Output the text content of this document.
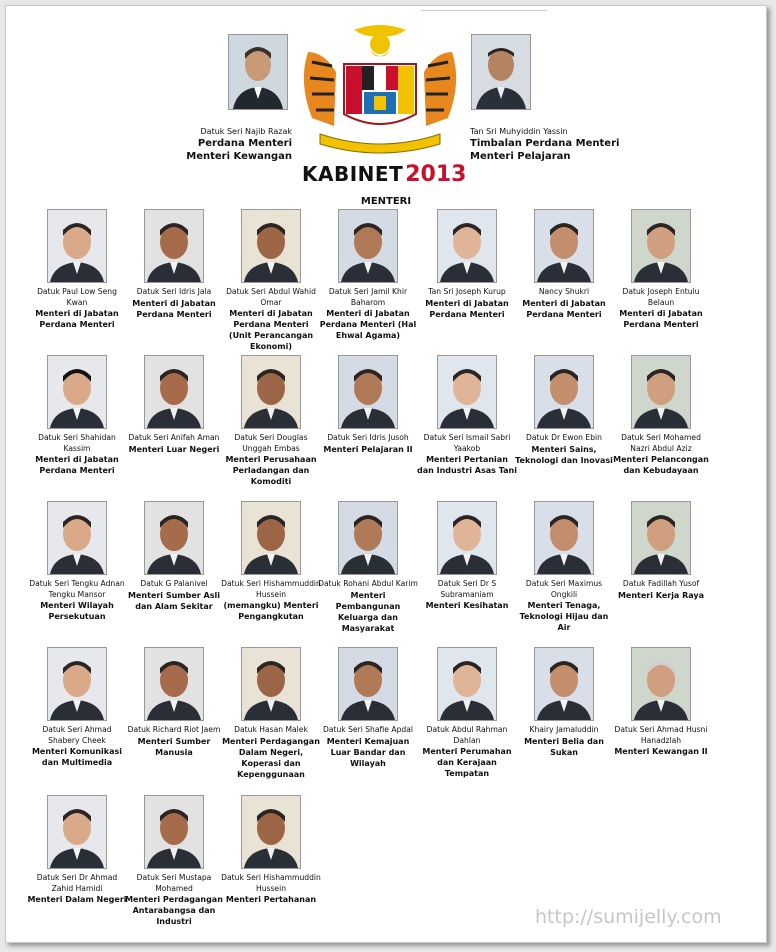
Datuk Seri Najib Razak
Perdana Menteri
Menteri Kewangan
Tan Sri Muhyiddin Yassin
Timbalan Perdana Menteri
Menteri Pelajaran
KABINET2013
MENTERI
Datuk Paul Low Seng Kwan
Menteri di Jabatan Perdana Menteri
Datuk Seri Idris Jala
Menteri di Jabatan Perdana Menteri
Datuk Seri Abdul Wahid Omar
Menteri di Jabatan Perdana Menteri (Unit Perancangan Ekonomi)
Datuk Seri Jamil Khir Baharom
Menteri di Jabatan Perdana Menteri (Hal Ehwal Agama)
Tan Sri Joseph Kurup
Menteri di Jabatan Perdana Menteri
Nancy Shukri
Menteri di Jabatan Perdana Menteri
Datuk Joseph Entulu Belaun
Menteri di Jabatan Perdana Menteri
Datuk Seri Shahidan Kassim
Menteri di Jabatan Perdana Menteri
Datuk Seri Anifah Aman
Menteri Luar Negeri
Datuk Seri Douglas Unggah Embas
Menteri Perusahaan Perladangan dan Komoditi
Datuk Seri Idris Jusoh
Menteri Pelajaran II
Datuk Seri Ismail Sabri Yaakob
Menteri Pertanian dan Industri Asas Tani
Datuk Dr Ewon Ebin
Menteri Sains, Teknologi dan Inovasi
Datuk Seri Mohamed Nazri Abdul Aziz
Menteri Pelancongan dan Kebudayaan
Datuk Seri Tengku Adnan Tengku Mansor
Menteri Wilayah Persekutuan
Datuk G Palanivel
Menteri Sumber Asli dan Alam Sekitar
Datuk Seri Hishammuddin Hussein
(memangku) Menteri Pengangkutan
Datuk Rohani Abdul Karim
Menteri Pembangunan Keluarga dan Masyarakat
Datuk Seri Dr S Subramaniam
Menteri Kesihatan
Datuk Seri Maximus Ongkili
Menteri Tenaga, Teknologi Hijau dan Air
Datuk Fadillah Yusof
Menteri Kerja Raya
Datuk Seri Ahmad Shabery Cheek
Menteri Komunikasi dan Multimedia
Datuk Richard Riot Jaem
Menteri Sumber Manusia
Datuk Hasan Malek
Menteri Perdagangan Dalam Negeri, Koperasi dan Kepenggunaan
Datuk Seri Shafie Apdal
Menteri Kemajuan Luar Bandar dan Wilayah
Datuk Abdul Rahman Dahlan
Menteri Perumahan dan Kerajaan Tempatan
Khairy Jamaluddin
Menteri Belia dan Sukan
Datuk Seri Ahmad Husni Hanadzlah
Menteri Kewangan II
Datuk Seri Dr Ahmad Zahid Hamidi
Menteri Dalam Negeri
Datuk Seri Mustapa Mohamed
Menteri Perdagangan Antarabangsa dan Industri
Datuk Seri Hishammuddin Hussein
Menteri Pertahanan
http://sumijelly.com
